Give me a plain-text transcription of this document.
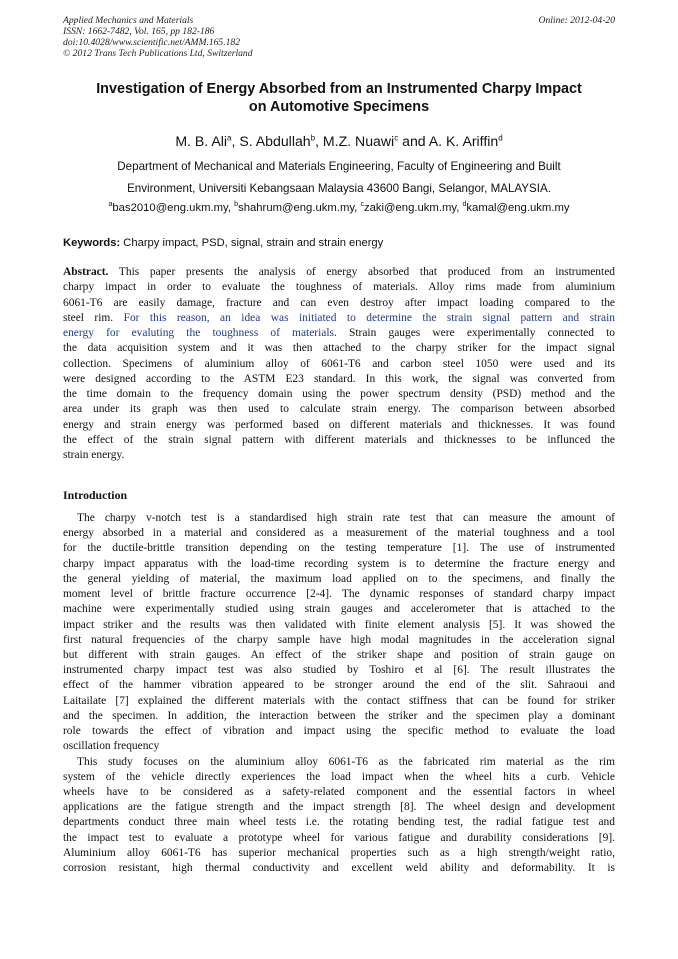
Applied Mechanics and Materials
ISSN: 1662-7482, Vol. 165, pp 182-186
doi:10.4028/www.scientific.net/AMM.165.182
© 2012 Trans Tech Publications Ltd, Switzerland
Online: 2012-04-20
Investigation of Energy Absorbed from an Instrumented Charpy Impact
on Automotive Specimens
M. B. Ali$^a$, S. Abdullah$^b$, M.Z. Nuawi$^c$ and A. K. Ariffin$^d$
Department of Mechanical and Materials Engineering, Faculty of Engineering and Built
Environment, Universiti Kebangsaan Malaysia 43600 Bangi, Selangor, MALAYSIA.
$^a$bas2010@eng.ukm.my, $^b$shahrum@eng.ukm.my, $^c$zaki@eng.ukm.my, $^d$kamal@eng.ukm.my
Keywords: Charpy impact, PSD, signal, strain and strain energy
Abstract. This paper presents the analysis of energy absorbed that produced from an instrumented
charpy impact in order to evaluate the toughness of materials. Alloy rims made from aluminium
6061-T6 are easily damage, fracture and can even destroy after impact loading compared to the
steel rim. For this reason, an idea was initiated to determine the strain signal pattern and strain
energy for evaluting the toughness of materials. Strain gauges were experimentally connected to
the data acquisition system and it was then attached to the charpy striker for the impact signal
collection. Specimens of aluminium alloy of 6061-T6 and carbon steel 1050 were used and its
were designed according to the ASTM E23 standard. In this work, the signal was converted from
the time domain to the frequency domain using the power spectrum density (PSD) method and the
area under its graph was then used to calculate strain energy. The comparison between absorbed
energy and strain energy was performed based on different materials and thicknesses. It was found
the effect of the strain signal pattern with different materials and thicknesses to be influnced the
strain energy.
Introduction
The charpy v-notch test is a standardised high strain rate test that can measure the amount of
energy absorbed in a material and considered as a measurement of the material toughness and a tool
for the ductile-brittle transition depending on the testing temperature [1]. The use of instrumented
charpy impact apparatus with the load-time recording system is to determine the fracture energy and
the general yielding of material, the maximum load applied on to the specimens, and finally the
moment level of brittle fracture occurrence [2-4]. The dynamic responses of standard charpy impact
machine were experimentally studied using strain gauges and accelerometer that is attached to the
impact striker and the results was then validated with finite element analysis [5]. It was showed the
first natural frequencies of the charpy sample have high modal magnitudes in the acceleration signal
but different with strain gauges. An effect of the striker shape and position of strain gauge on
instrumented charpy impact test was also studied by Toshiro et al [6]. The result illustrates the
effect of the hammer vibration appeared to be stronger around the end of the slit. Sahraoui and
Laitailate [7] explained the different materials with the contact stiffness that can be found for striker
and the specimen. In addition, the interaction between the striker and the specimen play a dominant
role towards the effect of vibration and impact using the specific method to evaluate the load
oscillation frequency
This study focuses on the aluminium alloy 6061-T6 as the fabricated rim material as the rim
system of the vehicle directly experiences the load impact when the wheel hits a curb. Vehicle
wheels have to be considered as a safety-related component and the essential factors in wheel
applications are the fatigue strength and the impact strength [8]. The wheel design and development
departments conduct three main wheel tests i.e. the rotating bending test, the radial fatigue test and
the impact test to evaluate a prototype wheel for various fatigue and durability considerations [9].
Aluminium alloy 6061-T6 has superior mechanical properties such as a high strength/weight ratio,
corrosion resistant, high thermal conductivity and excellent weld ability and deformability. It is
